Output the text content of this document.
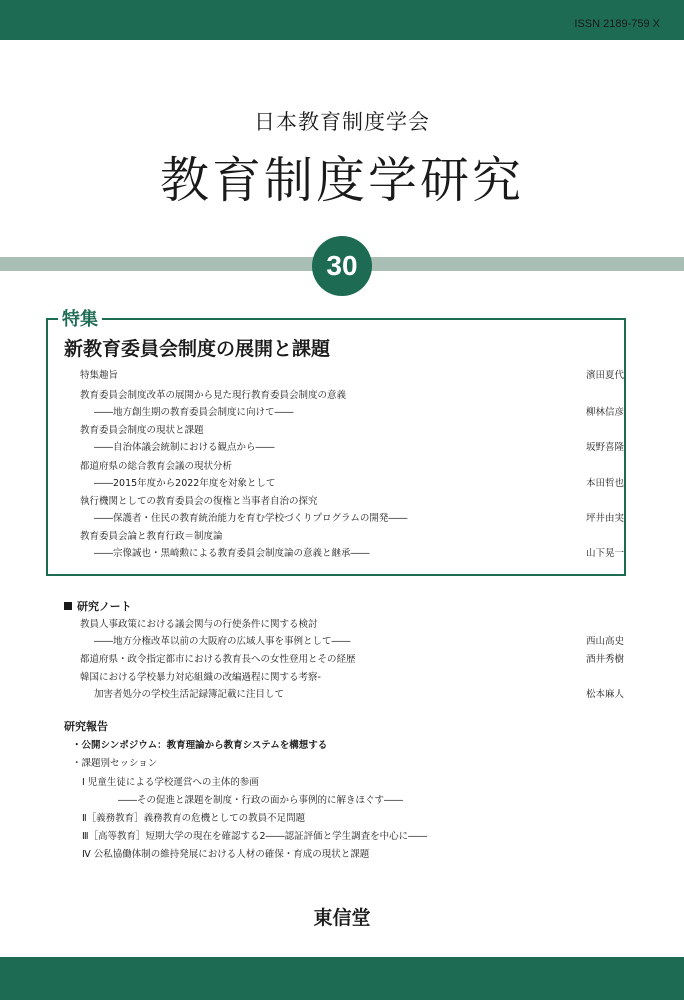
ISSN 2189-759 X
日本教育制度学会
教育制度学研究
30
特集
新教育委員会制度の展開と課題
特集趣旨	濱田夏代
教育委員会制度改革の展開から見た現行教育委員会制度の意義
――地方創生期の教育委員会制度に向けて――	柳林信彦
教育委員会制度の現状と課題
――自治体議会統制における観点から――	坂野喜隆
都道府県の総合教育会議の現状分析
――2015年度から2022年度を対象として	本田哲也
執行機関としての教育委員会の復権と当事者自治の探究
――保護者・住民の教育統治能力を育む学校づくりプログラムの開発――	坪井由実
教育委員会論と教育行政＝制度論
――宗像誠也・黒崎勲による教育委員会制度論の意義と継承――	山下晃一
研究ノート
教員人事政策における議会関与の行使条件に関する検討
――地方分権改革以前の大阪府の広域人事を事例として――	西山高史
都道府県・政令指定都市における教育長への女性登用とその経歴	酒井秀樹
韓国における学校暴力対応組織の改編過程に関する考察-
加害者処分の学校生活記録簿記載に注目して	松本麻人
研究報告
・公開シンポジウム：教育理論から教育システムを構想する
・課題別セッション
Ⅰ 児童生徒による学校運営への主体的参画
――その促進と課題を制度・行政の面から事例的に解きほぐす――
Ⅱ［義務教育］義務教育の危機としての教員不足問題
Ⅲ［高等教育］短期大学の現在を確認する2――認証評価と学生調査を中心に――
Ⅳ 公私協働体制の維持発展における人材の確保・育成の現状と課題
東信堂
